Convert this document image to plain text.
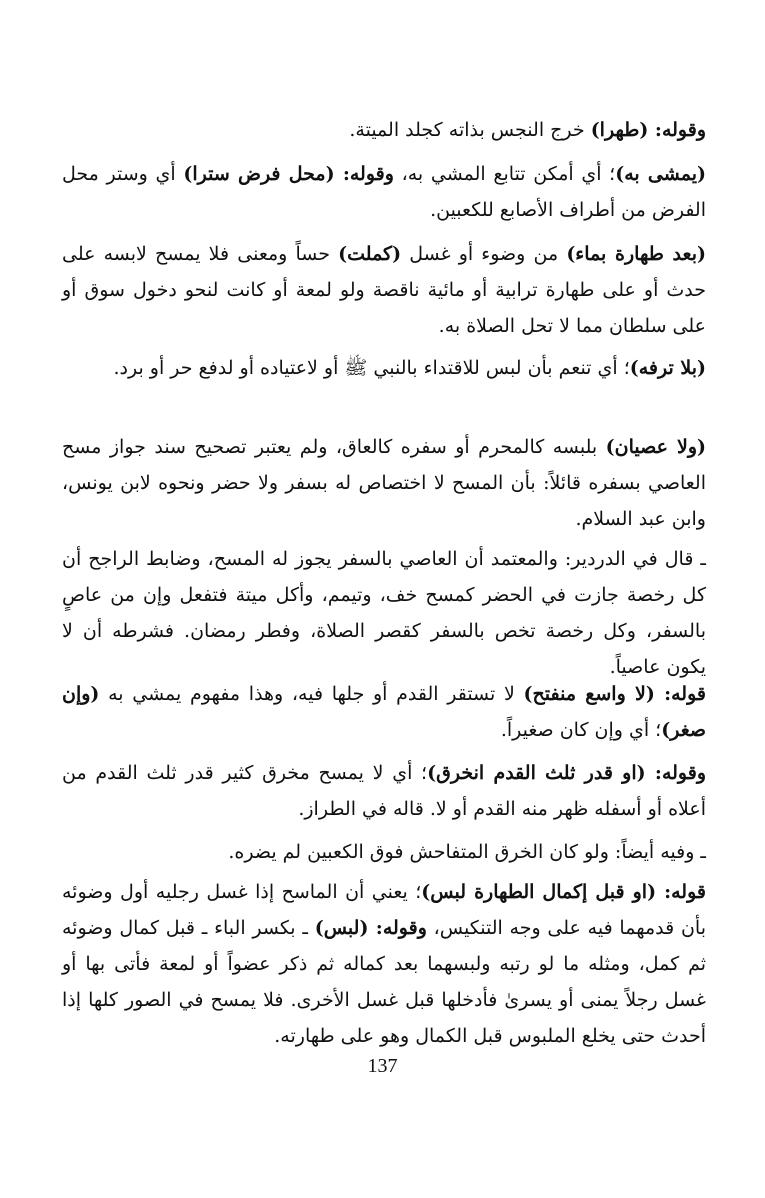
وقوله: (طهرا) خرج النجس بذاته كجلد الميتة.
(يمشى به)؛ أي أمكن تتابع المشي به، وقوله: (محل فرض سترا) أي وستر محل الفرض من أطراف الأصابع للكعبين.
(بعد طهارة بماء) من وضوء أو غسل (كملت) حساً ومعنى فلا يمسح لابسه على حدث أو على طهارة ترابية أو مائية ناقصة ولو لمعة أو كانت لنحو دخول سوق أو على سلطان مما لا تحل الصلاة به.
(بلا ترفه)؛ أي تنعم بأن لبس للاقتداء بالنبي ﷺ أو لاعتياده أو لدفع حر أو برد.
(ولا عصيان) بلبسه كالمحرم أو سفره كالعاق، ولم يعتبر تصحيح سند جواز مسح العاصي بسفره قائلاً: بأن المسح لا اختصاص له بسفر ولا حضر ونحوه لابن يونس، وابن عبد السلام.
ـ قال في الدردير: والمعتمد أن العاصي بالسفر يجوز له المسح، وضابط الراجح أن كل رخصة جازت في الحضر كمسح خف، وتيمم، وأكل ميتة فتفعل وإن من عاصٍ بالسفر، وكل رخصة تخص بالسفر كقصر الصلاة، وفطر رمضان. فشرطه أن لا يكون عاصياً.
قوله: (لا واسع منفتح) لا تستقر القدم أو جلها فيه، وهذا مفهوم يمشي به (وإن صغر)؛ أي وإن كان صغيراً.
وقوله: (او قدر ثلث القدم انخرق)؛ أي لا يمسح مخرق كثير قدر ثلث القدم من أعلاه أو أسفله ظهر منه القدم أو لا. قاله في الطراز.
ـ وفيه أيضاً: ولو كان الخرق المتفاحش فوق الكعبين لم يضره.
قوله: (او قبل إكمال الطهارة لبس)؛ يعني أن الماسح إذا غسل رجليه أول وضوئه بأن قدمهما فيه على وجه التنكيس، وقوله: (لبس) ـ بكسر الباء ـ قبل كمال وضوئه ثم كمل، ومثله ما لو رتبه ولبسهما بعد كماله ثم ذكر عضواً أو لمعة فأتى بها أو غسل رجلاً يمنى أو يسرىٰ فأدخلها قبل غسل الأخرى. فلا يمسح في الصور كلها إذا أحدث حتى يخلع الملبوس قبل الكمال وهو على طهارته.
137
